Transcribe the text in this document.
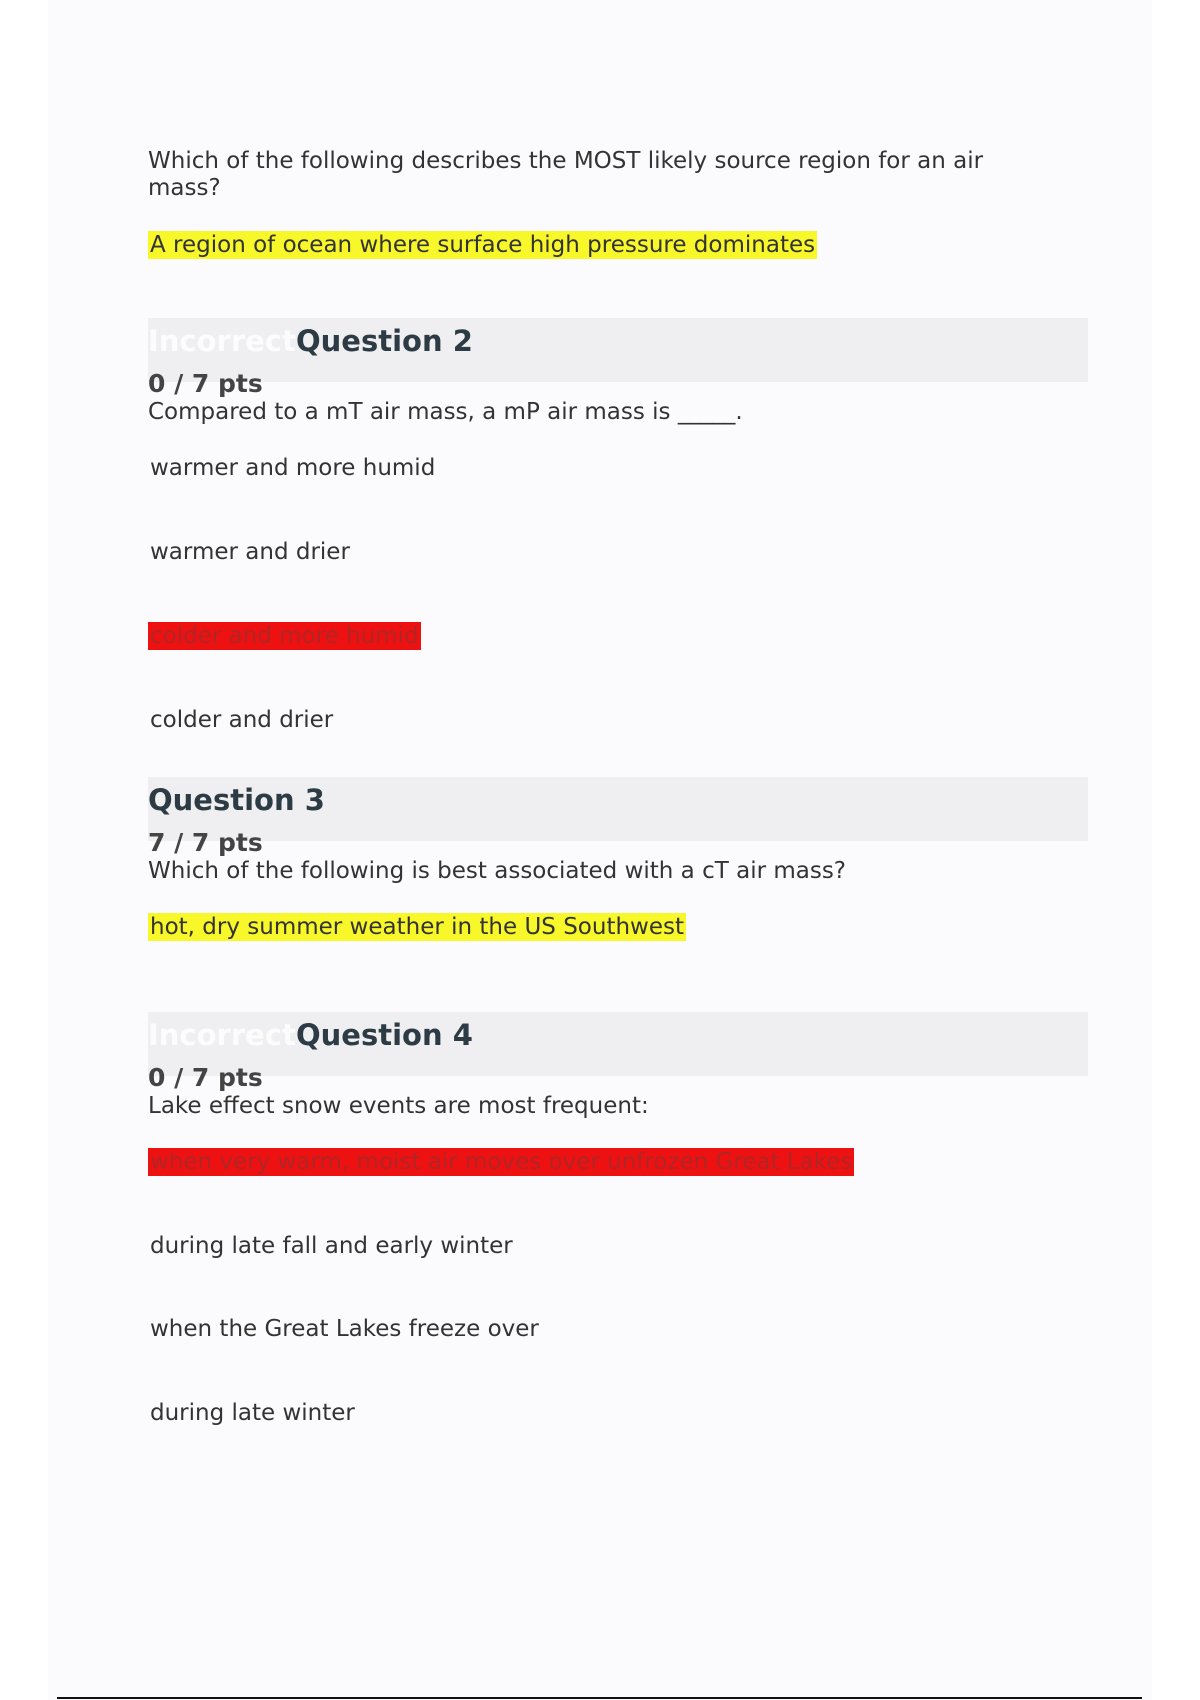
Which of the following describes the MOST likely source region for an air mass?

A region of ocean where surface high pressure dominates
Incorrect Question 2
0 / 7 pts

Compared to a mT air mass, a mP air mass is _____.

warmer and more humid
warmer and drier
colder and more humid
colder and drier
Question 3
7 / 7 pts

Which of the following is best associated with a cT air mass?

hot, dry summer weather in the US Southwest
Incorrect Question 4
0 / 7 pts

Lake effect snow events are most frequent:

when very warm, moist air moves over unfrozen Great Lakes
during late fall and early winter
when the Great Lakes freeze over
during late winter
